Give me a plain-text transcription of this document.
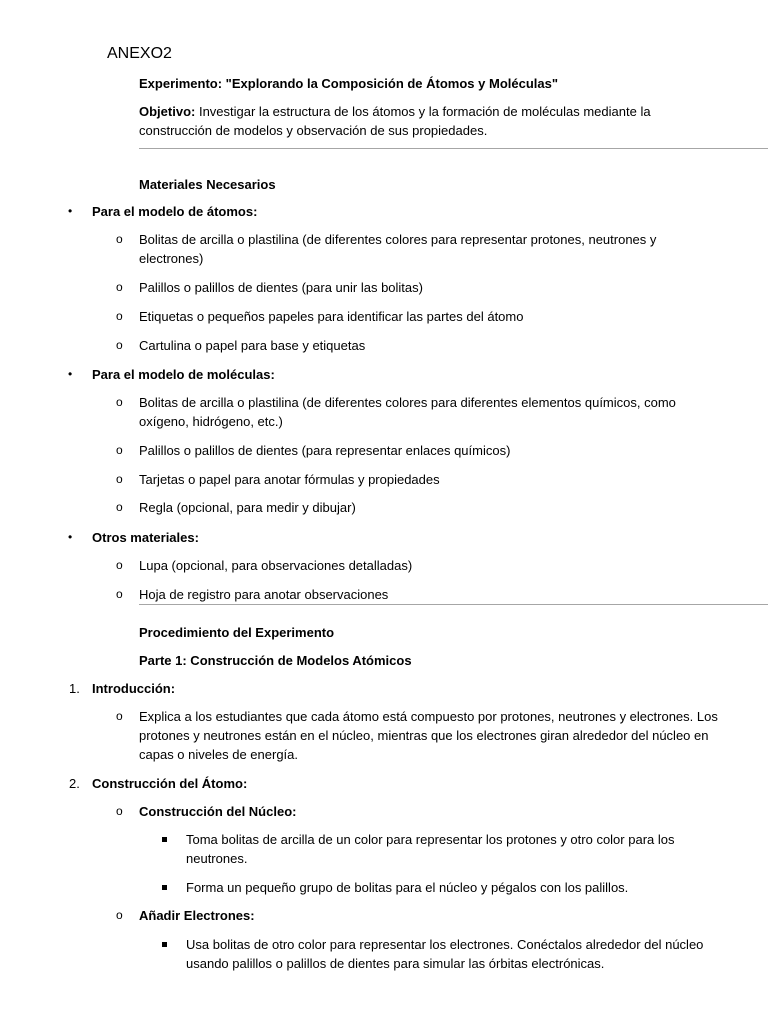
ANEXO2
Experimento: "Explorando la Composición de Átomos y Moléculas"
Objetivo: Investigar la estructura de los átomos y la formación de moléculas mediante la construcción de modelos y observación de sus propiedades.
Materiales Necesarios
• Para el modelo de átomos:
o Bolitas de arcilla o plastilina (de diferentes colores para representar protones, neutrones y electrones)
o Palillos o palillos de dientes (para unir las bolitas)
o Etiquetas o pequeños papeles para identificar las partes del átomo
o Cartulina o papel para base y etiquetas
• Para el modelo de moléculas:
o Bolitas de arcilla o plastilina (de diferentes colores para diferentes elementos químicos, como oxígeno, hidrógeno, etc.)
o Palillos o palillos de dientes (para representar enlaces químicos)
o Tarjetas o papel para anotar fórmulas y propiedades
o Regla (opcional, para medir y dibujar)
• Otros materiales:
o Lupa (opcional, para observaciones detalladas)
o Hoja de registro para anotar observaciones
Procedimiento del Experimento
Parte 1: Construcción de Modelos Atómicos
1. Introducción:
o Explica a los estudiantes que cada átomo está compuesto por protones, neutrones y electrones. Los protones y neutrones están en el núcleo, mientras que los electrones giran alrededor del núcleo en capas o niveles de energía.
2. Construcción del Átomo:
o Construcción del Núcleo:
Toma bolitas de arcilla de un color para representar los protones y otro color para los neutrones.
Forma un pequeño grupo de bolitas para el núcleo y pégalos con los palillos.
o Añadir Electrones:
Usa bolitas de otro color para representar los electrones. Conéctalos alrededor del núcleo usando palillos o palillos de dientes para simular las órbitas electrónicas.
